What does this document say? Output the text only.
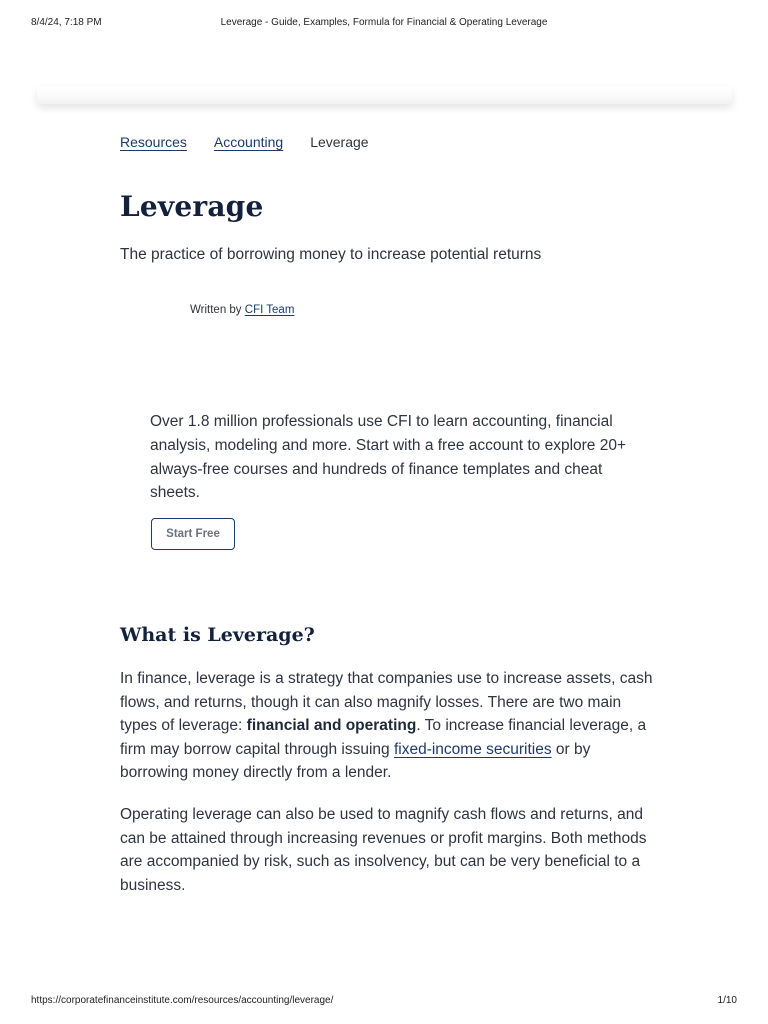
8/4/24, 7:18 PM	Leverage - Guide, Examples, Formula for Financial & Operating Leverage
Resources Accounting Leverage
Leverage

The practice of borrowing money to increase potential returns

Written by CFI Team

Over 1.8 million professionals use CFI to learn accounting, financial analysis, modeling and more. Start with a free account to explore 20+ always-free courses and hundreds of finance templates and cheat sheets.

Start Free
What is Leverage?

In finance, leverage is a strategy that companies use to increase assets, cash flows, and returns, though it can also magnify losses. There are two main types of leverage: financial and operating. To increase financial leverage, a firm may borrow capital through issuing fixed-income securities or by borrowing money directly from a lender.

Operating leverage can also be used to magnify cash flows and returns, and can be attained through increasing revenues or profit margins. Both methods are accompanied by risk, such as insolvency, but can be very beneficial to a business.

https://corporatefinanceinstitute.com/resources/accounting/leverage/	1/10
